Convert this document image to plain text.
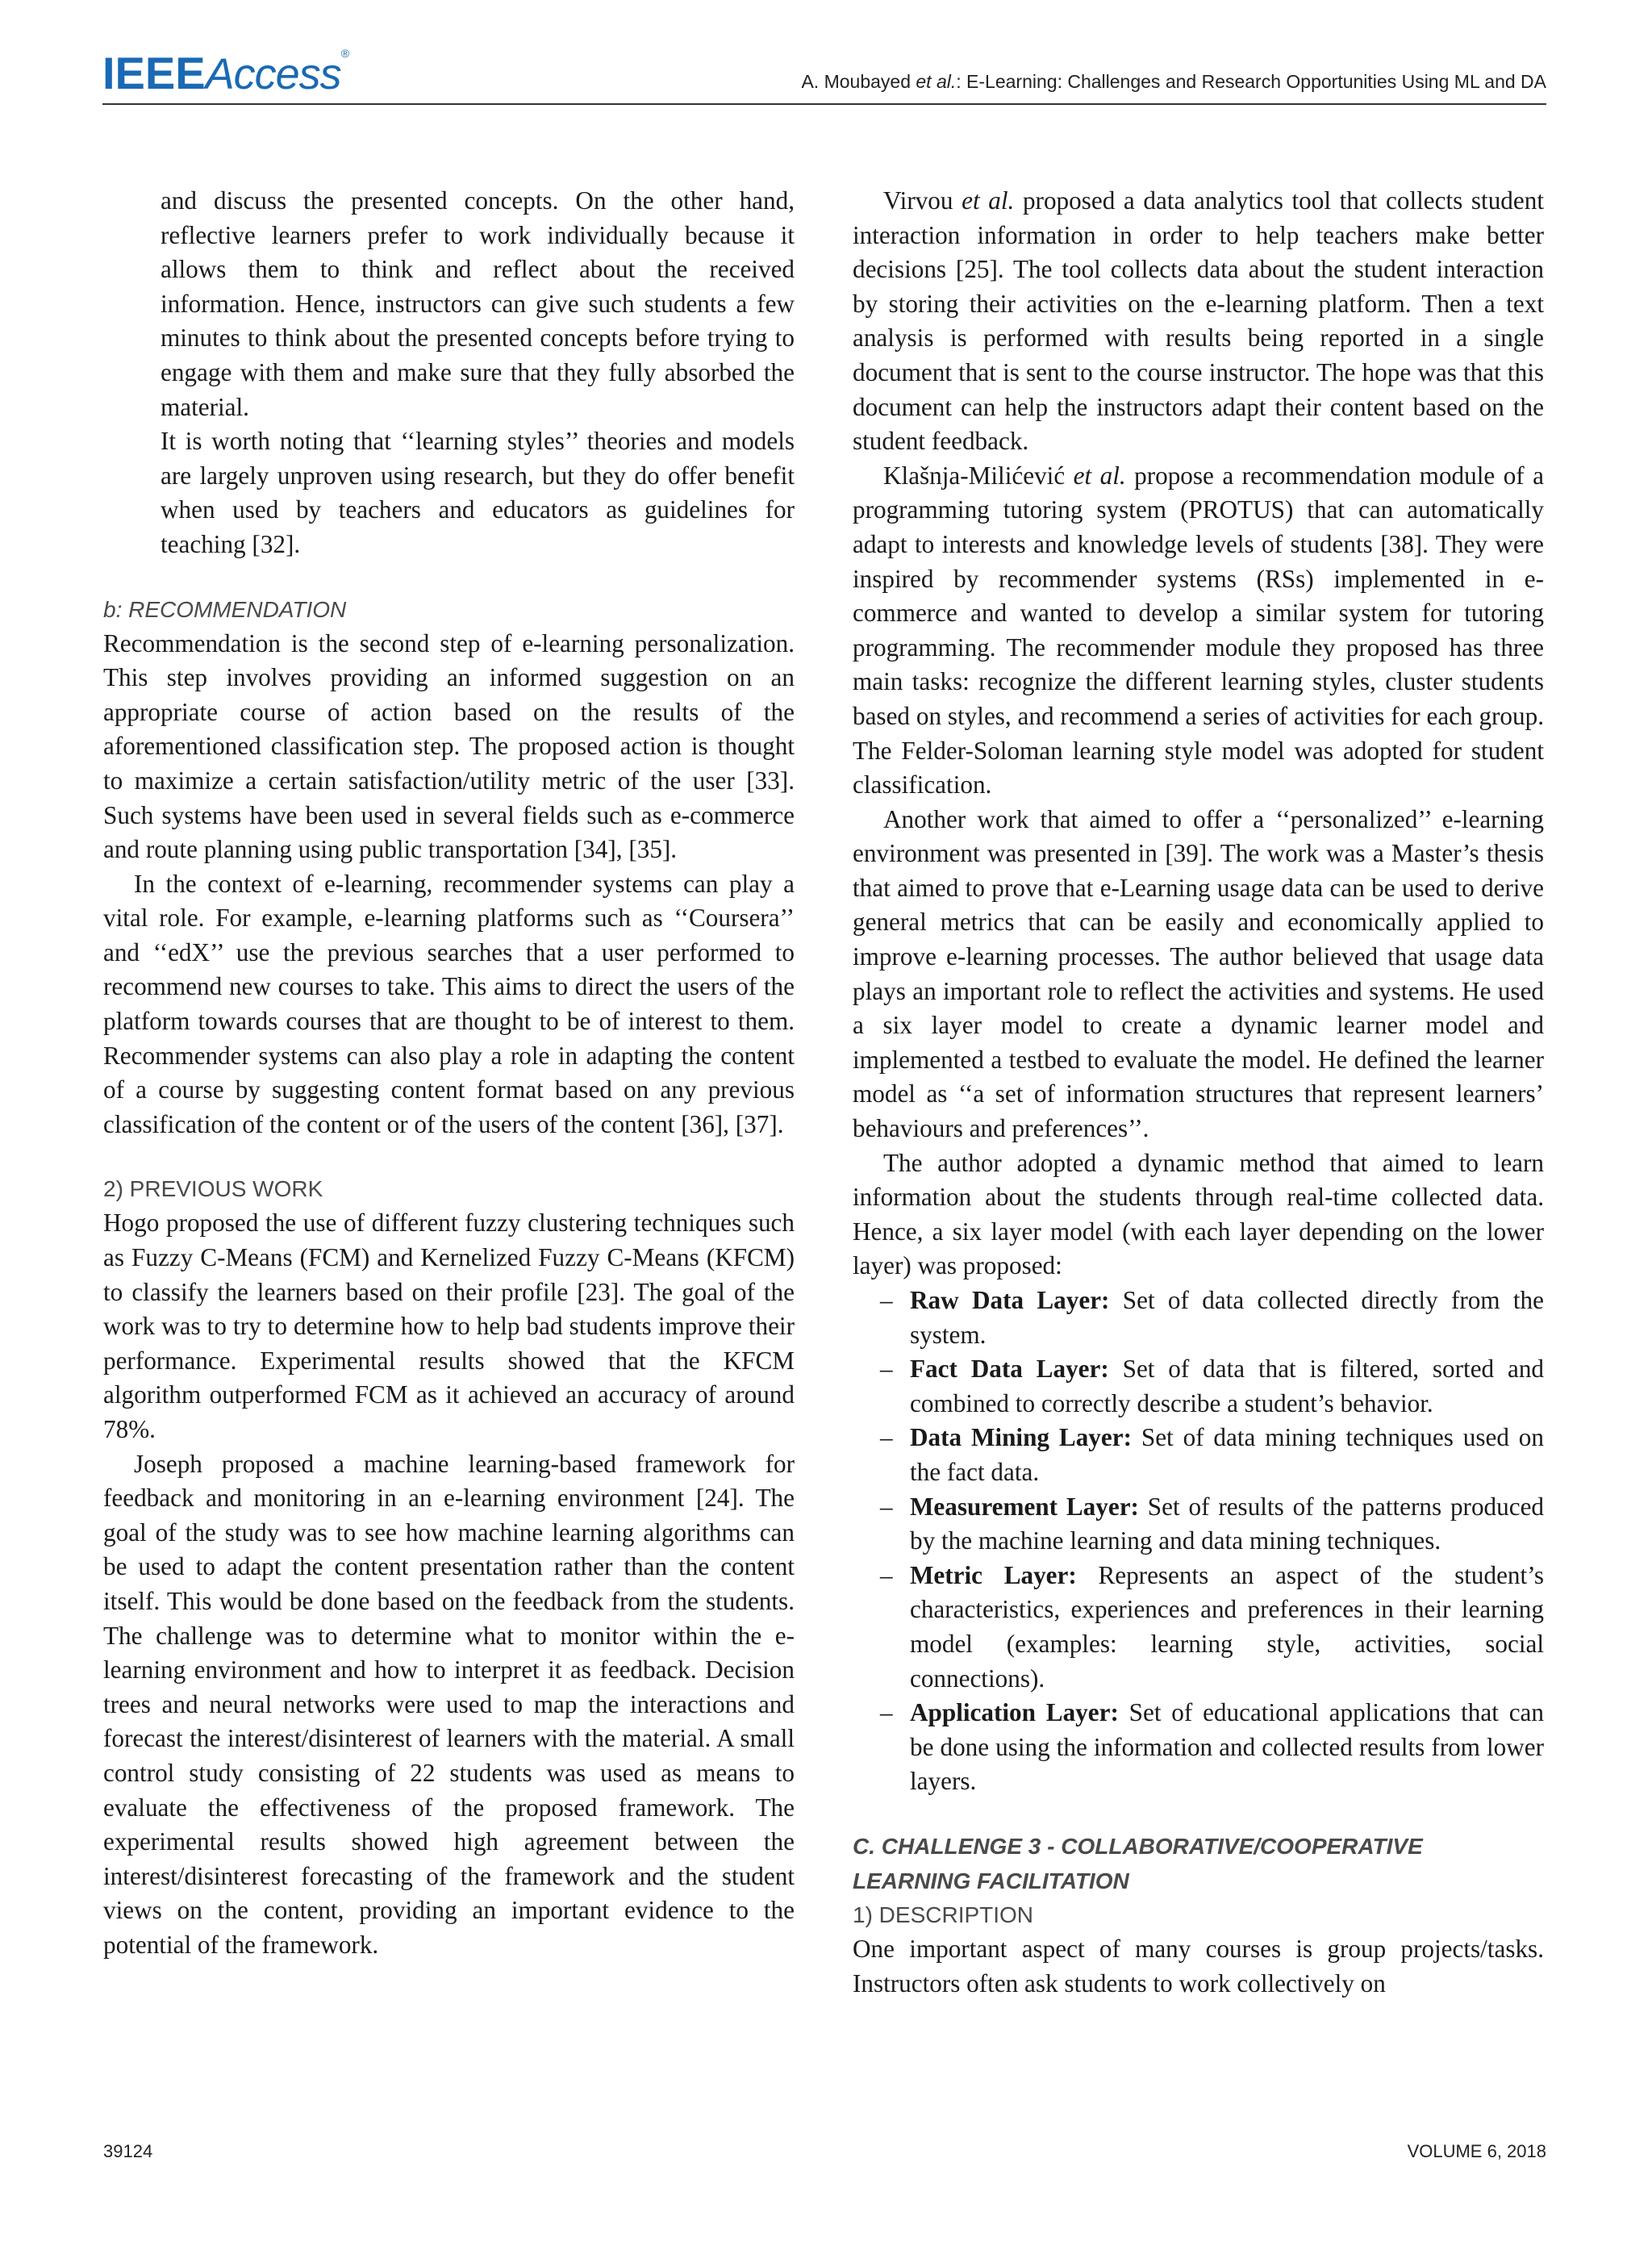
IEEEAccess®
A. Moubayed et al.: E-Learning: Challenges and Research Opportunities Using ML and DA

and discuss the presented concepts. On the other hand, reflective learners prefer to work individually because it allows them to think and reflect about the received information. Hence, instructors can give such students a few minutes to think about the presented concepts before trying to engage with them and make sure that they fully absorbed the material.

It is worth noting that ‘‘learning styles’’ theories and models are largely unproven using research, but they do offer benefit when used by teachers and educators as guidelines for teaching [32].

b: RECOMMENDATION

Recommendation is the second step of e-learning personalization. This step involves providing an informed suggestion on an appropriate course of action based on the results of the aforementioned classification step. The proposed action is thought to maximize a certain satisfaction/utility metric of the user [33]. Such systems have been used in several fields such as e-commerce and route planning using public transportation [34], [35].

In the context of e-learning, recommender systems can play a vital role. For example, e-learning platforms such as ‘‘Coursera’’ and ‘‘edX’’ use the previous searches that a user performed to recommend new courses to take. This aims to direct the users of the platform towards courses that are thought to be of interest to them. Recommender systems can also play a role in adapting the content of a course by suggesting content format based on any previous classification of the content or of the users of the content [36], [37].

2) PREVIOUS WORK

Hogo proposed the use of different fuzzy clustering techniques such as Fuzzy C-Means (FCM) and Kernelized Fuzzy C-Means (KFCM) to classify the learners based on their profile [23]. The goal of the work was to try to determine how to help bad students improve their performance. Experimental results showed that the KFCM algorithm outperformed FCM as it achieved an accuracy of around 78%.

Joseph proposed a machine learning-based framework for feedback and monitoring in an e-learning environment [24]. The goal of the study was to see how machine learning algorithms can be used to adapt the content presentation rather than the content itself. This would be done based on the feedback from the students. The challenge was to determine what to monitor within the e-learning environment and how to interpret it as feedback. Decision trees and neural networks were used to map the interactions and forecast the interest/disinterest of learners with the material. A small control study consisting of 22 students was used as means to evaluate the effectiveness of the proposed framework. The experimental results showed high agreement between the interest/disinterest forecasting of the framework and the student views on the content, providing an important evidence to the potential of the framework.

Virvou et al. proposed a data analytics tool that collects student interaction information in order to help teachers make better decisions [25]. The tool collects data about the student interaction by storing their activities on the e-learning platform. Then a text analysis is performed with results being reported in a single document that is sent to the course instructor. The hope was that this document can help the instructors adapt their content based on the student feedback.

Klašnja-Milićević et al. propose a recommendation module of a programming tutoring system (PROTUS) that can automatically adapt to interests and knowledge levels of students [38]. They were inspired by recommender systems (RSs) implemented in e-commerce and wanted to develop a similar system for tutoring programming. The recommender module they proposed has three main tasks: recognize the different learning styles, cluster students based on styles, and recommend a series of activities for each group. The Felder-Soloman learning style model was adopted for student classification.

Another work that aimed to offer a ‘‘personalized’’ e-learning environment was presented in [39]. The work was a Master’s thesis that aimed to prove that e-Learning usage data can be used to derive general metrics that can be easily and economically applied to improve e-learning processes. The author believed that usage data plays an important role to reflect the activities and systems. He used a six layer model to create a dynamic learner model and implemented a testbed to evaluate the model. He defined the learner model as ‘‘a set of information structures that represent learners’ behaviours and preferences’’.

The author adopted a dynamic method that aimed to learn information about the students through real-time collected data. Hence, a six layer model (with each layer depending on the lower layer) was proposed:

– Raw Data Layer: Set of data collected directly from the system.
– Fact Data Layer: Set of data that is filtered, sorted and combined to correctly describe a student’s behavior.
– Data Mining Layer: Set of data mining techniques used on the fact data.
– Measurement Layer: Set of results of the patterns produced by the machine learning and data mining techniques.
– Metric Layer: Represents an aspect of the student’s characteristics, experiences and preferences in their learning model (examples: learning style, activities, social connections).
– Application Layer: Set of educational applications that can be done using the information and collected results from lower layers.
C. CHALLENGE 3 - COLLABORATIVE/COOPERATIVE LEARNING FACILITATION
1) DESCRIPTION

One important aspect of many courses is group projects/tasks. Instructors often ask students to work collectively on

39124	VOLUME 6, 2018
